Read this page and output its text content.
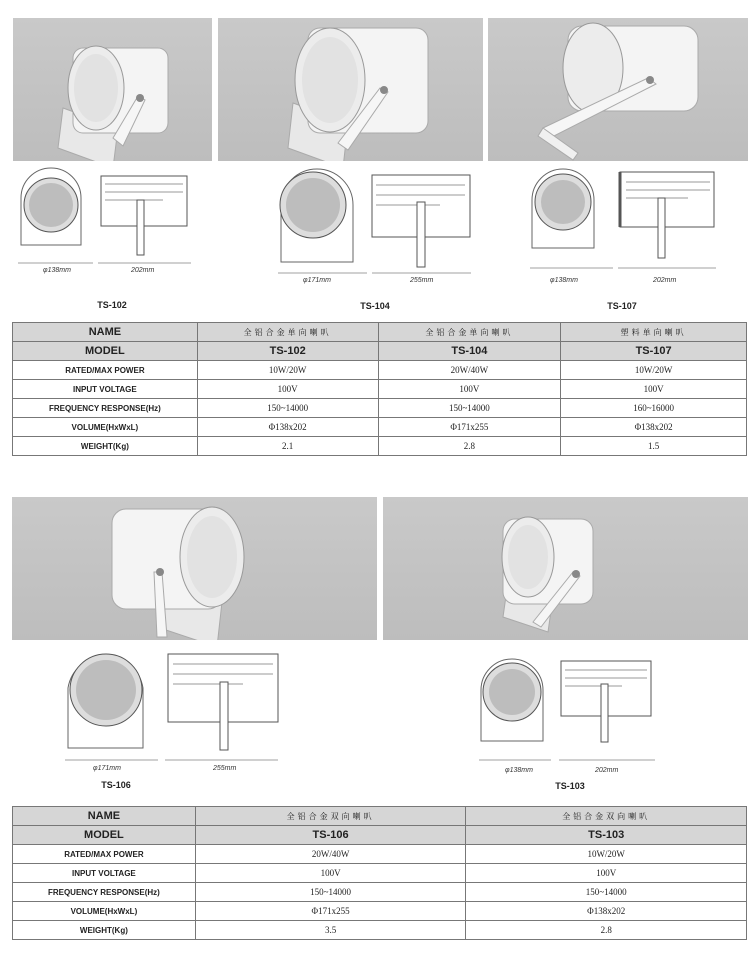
φ138mm	202mm
TS-102
φ171mm	255mm
TS-104
φ138mm	202mm
TS-107
NAME	全铝合金单向喇叭	全铝合金单向喇叭	塑料单向喇叭
MODEL	TS-102	TS-104	TS-107
RATED/MAX POWER	10W/20W	20W/40W	10W/20W
INPUT VOLTAGE	100V	100V	100V
FREQUENCY RESPONSE(Hz)	150~14000	150~14000	160~16000
VOLUME(HxWxL)	Φ138x202	Φ171x255	Φ138x202
WEIGHT(Kg)	2.1	2.8	1.5
φ171mm	255mm
TS-106
φ138mm	202mm
TS-103
NAME	全铝合金双向喇叭	全铝合金双向喇叭
MODEL	TS-106	TS-103
RATED/MAX POWER	20W/40W	10W/20W
INPUT VOLTAGE	100V	100V
FREQUENCY RESPONSE(Hz)	150~14000	150~14000
VOLUME(HxWxL)	Φ171x255	Φ138x202
WEIGHT(Kg)	3.5	2.8
